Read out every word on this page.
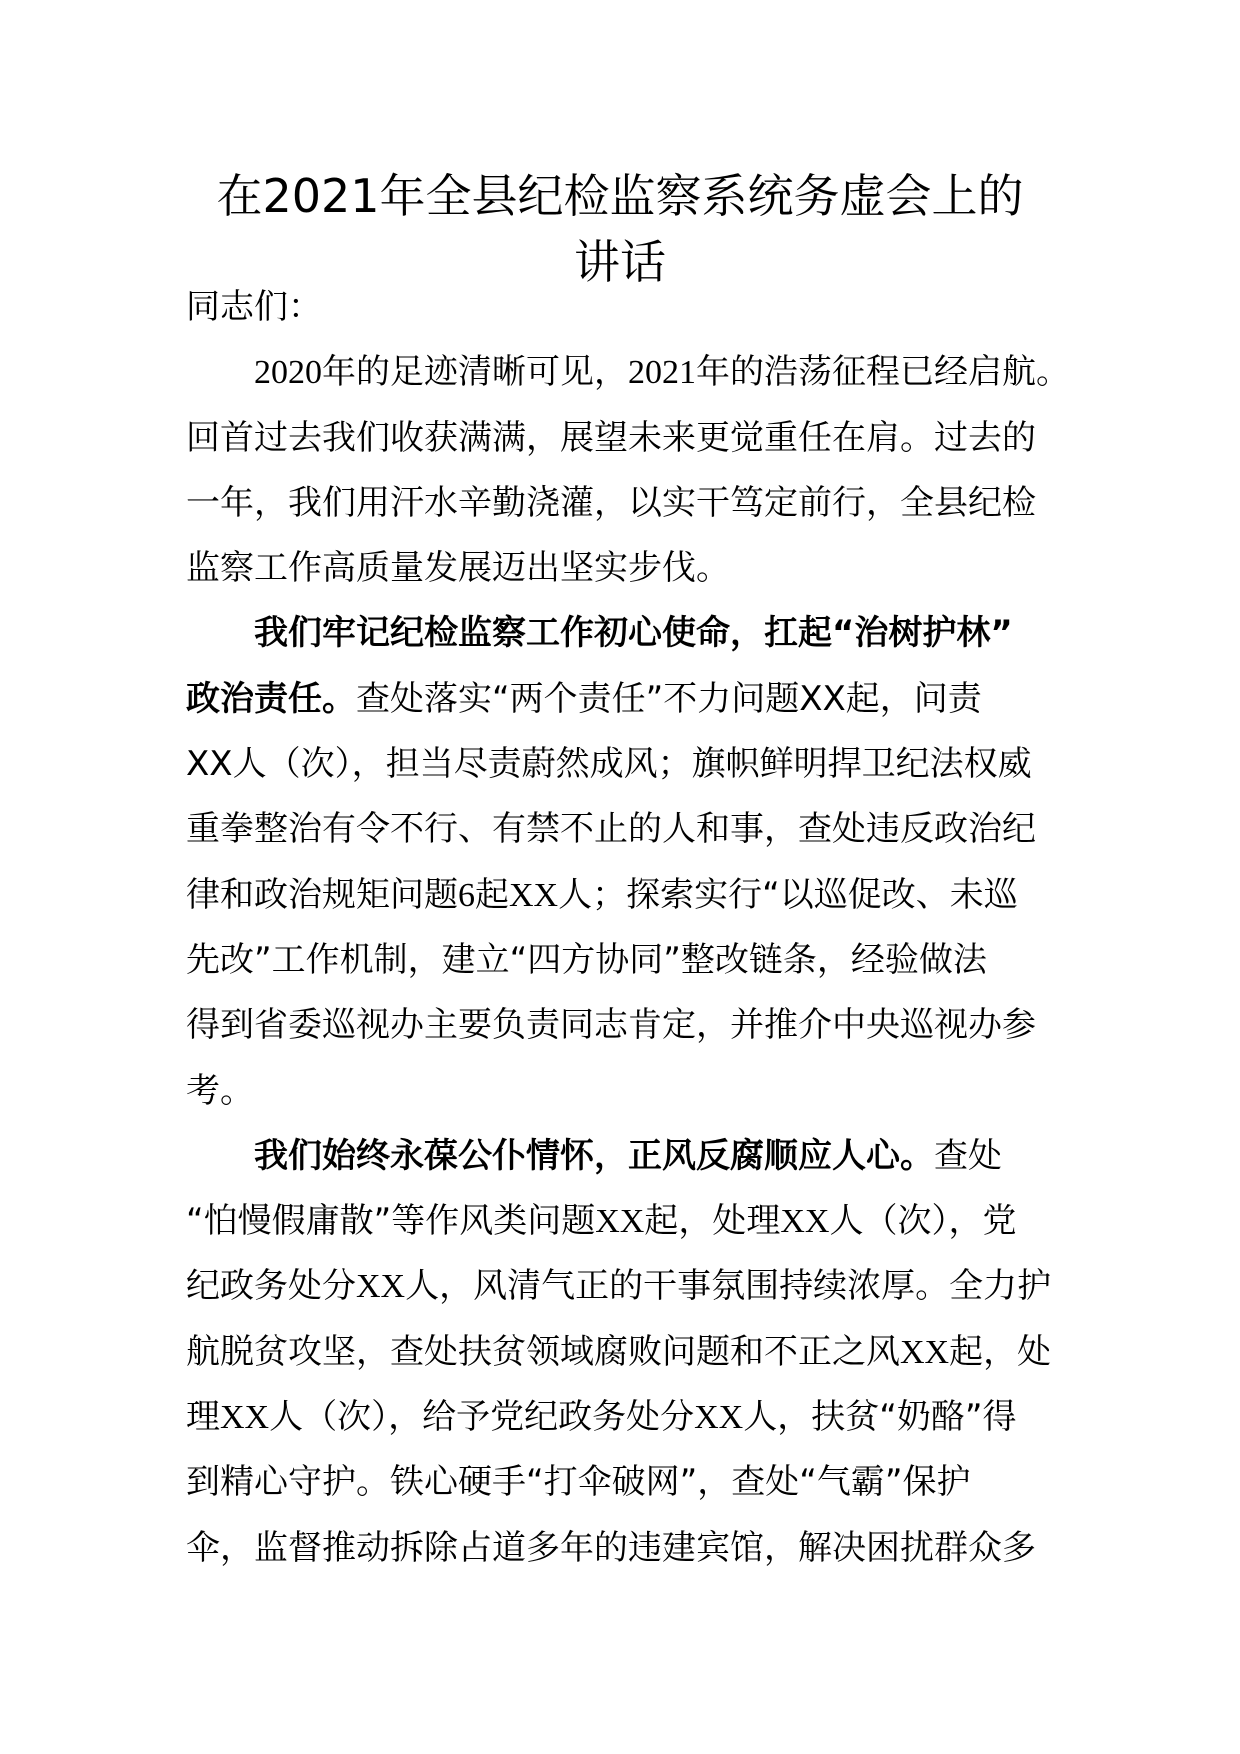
在2021年全县纪检监察系统务虚会上的
讲话
同志们：
2020年的足迹清晰可见，2021年的浩荡征程已经启航。
回首过去我们收获满满，展望未来更觉重任在肩。过去的
一年，我们用汗水辛勤浇灌，以实干笃定前行，全县纪检
监察工作高质量发展迈出坚实步伐。
我们牢记纪检监察工作初心使命，扛起“治树护林”
政治责任。查处落实“两个责任”不力问题XX起，问责
XX人（次），担当尽责蔚然成风；旗帜鲜明捍卫纪法权威
重拳整治有令不行、有禁不止的人和事，查处违反政治纪
律和政治规矩问题6起XX人；探索实行“以巡促改、未巡
先改”工作机制，建立“四方协同”整改链条，经验做法
得到省委巡视办主要负责同志肯定，并推介中央巡视办参
考。
我们始终永葆公仆情怀，正风反腐顺应人心。查处
“怕慢假庸散”等作风类问题XX起，处理XX人（次），党
纪政务处分XX人，风清气正的干事氛围持续浓厚。全力护
航脱贫攻坚，查处扶贫领域腐败问题和不正之风XX起，处
理XX人（次），给予党纪政务处分XX人，扶贫“奶酪”得
到精心守护。铁心硬手“打伞破网”，查处“气霸”保护
伞，监督推动拆除占道多年的违建宾馆，解决困扰群众多
